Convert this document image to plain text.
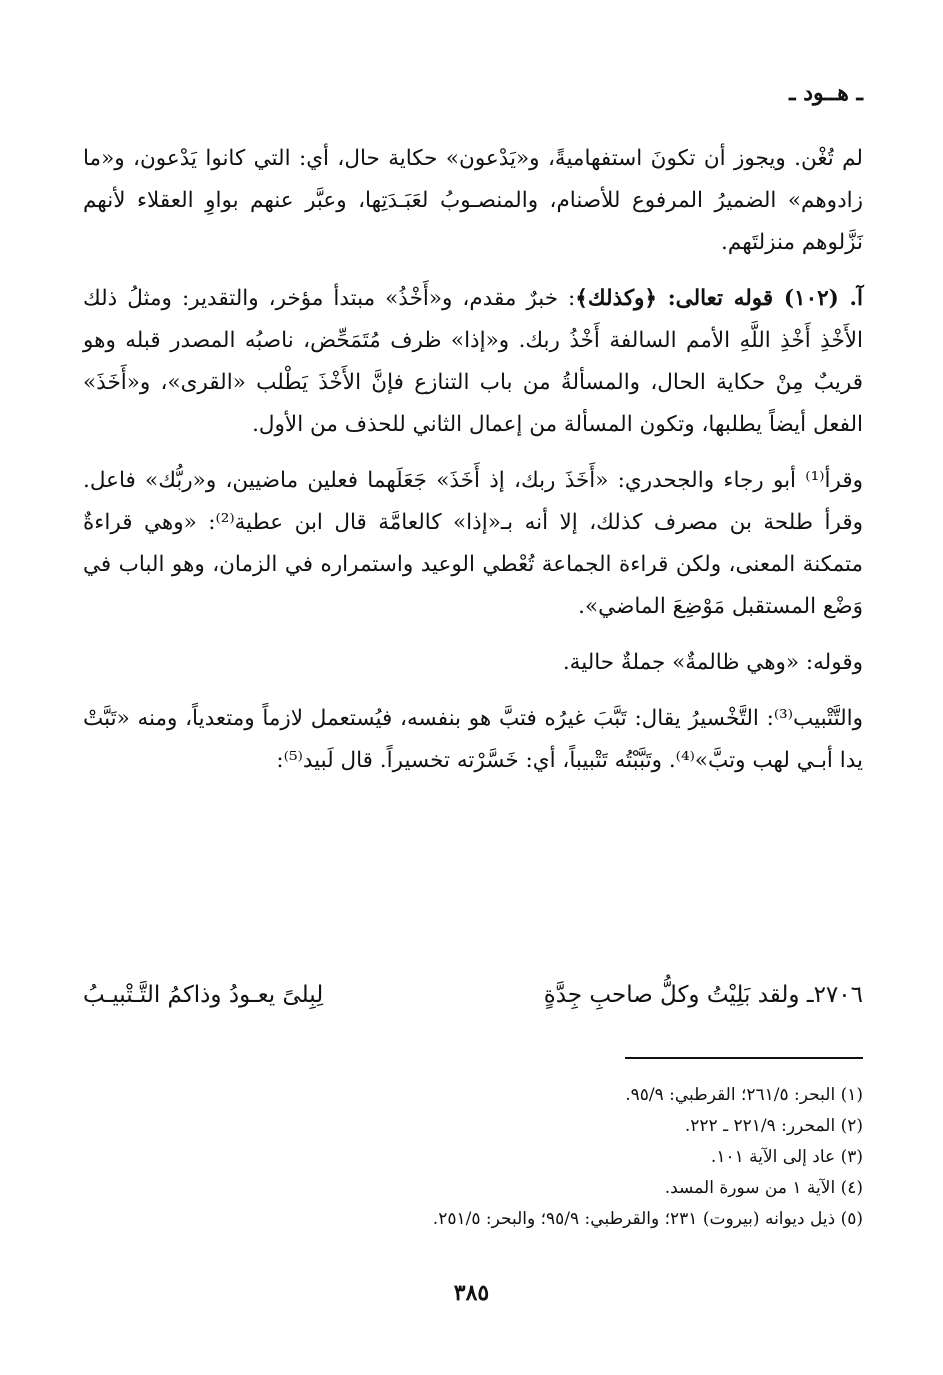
ـ هــود ـ

لم تُغْن. ويجوز أن تكونَ استفهاميةً، و«يَدْعون» حكاية حال، أي: التي كانوا يَدْعون، و«ما زادوهم» الضميرُ المرفوع للأصنام، والمنصـوبُ لعَبَـدَتِها، وعبَّر عنهم بواوِ العقلاء لأنهم نَزَّلوهم منزلتَهم.

آ. (١٠٢) قوله تعالى: ﴿وكذلك﴾: خبرٌ مقدم، و«أَخْذُ» مبتدأ مؤخر، والتقدير: ومثلُ ذلك الأَخْذِ أَخْذِ اللَّهِ الأمم السالفة أَخْذُ ربك. و«إذا» ظرف مُتَمَحِّض، ناصبُه المصدر قبله وهو قريبٌ مِنْ حكاية الحال، والمسألةُ من باب التنازع فإنَّ الأَخْذَ يَطْلب «القرى»، و«أَخَذَ» الفعل أيضاً يطلبها، وتكون المسألة من إعمال الثاني للحذف من الأول.

وقرأ⁽¹⁾ أبو رجاء والجحدري: «أَخَذَ ربك، إذ أَخَذَ» جَعَلَهما فعلين ماضيين، و«ربُّك» فاعل. وقرأ طلحة بن مصرف كذلك، إلا أنه بـ«إذا» كالعامَّة قال ابن عطية⁽²⁾: «وهي قراءةٌ متمكنة المعنى، ولكن قراءة الجماعة تُعْطي الوعيد واستمراره في الزمان، وهو الباب في وَضْع المستقبل مَوْضِعَ الماضي».

وقوله: «وهي ظالمةٌ» جملةٌ حالية.

والتَّتْبيب⁽³⁾: التَّخْسيرُ يقال: تَبَّبَ غيرُه فتبَّ هو بنفسه، فيُستعمل لازماً ومتعدياً، ومنه «تَبَّتْ يدا أبـي لهب وتبَّ»⁽⁴⁾. وتَبَّبْتُه تَتْبيباً، أي: خَسَّرْته تخسيراً. قال لَبيد⁽⁵⁾:

٢٧٠٦ـ ولقد بَلِيْتُ وكلُّ صاحبِ جِدَّةٍ
لِبِلىً يعـودُ وذاكمُ التَّـتْبيـبُ

(١) البحر: ٢٦١/٥؛ القرطبي: ٩٥/٩.

(٢) المحرر: ٢٢١/٩ ـ ٢٢٢.

(٣) عاد إلى الآية ١٠١.

(٤) الآية ١ من سورة المسد.

(٥) ذيل ديوانه (بيروت) ٢٣١؛ والقرطبي: ٩٥/٩؛ والبحر: ٢٥١/٥.

٣٨٥
